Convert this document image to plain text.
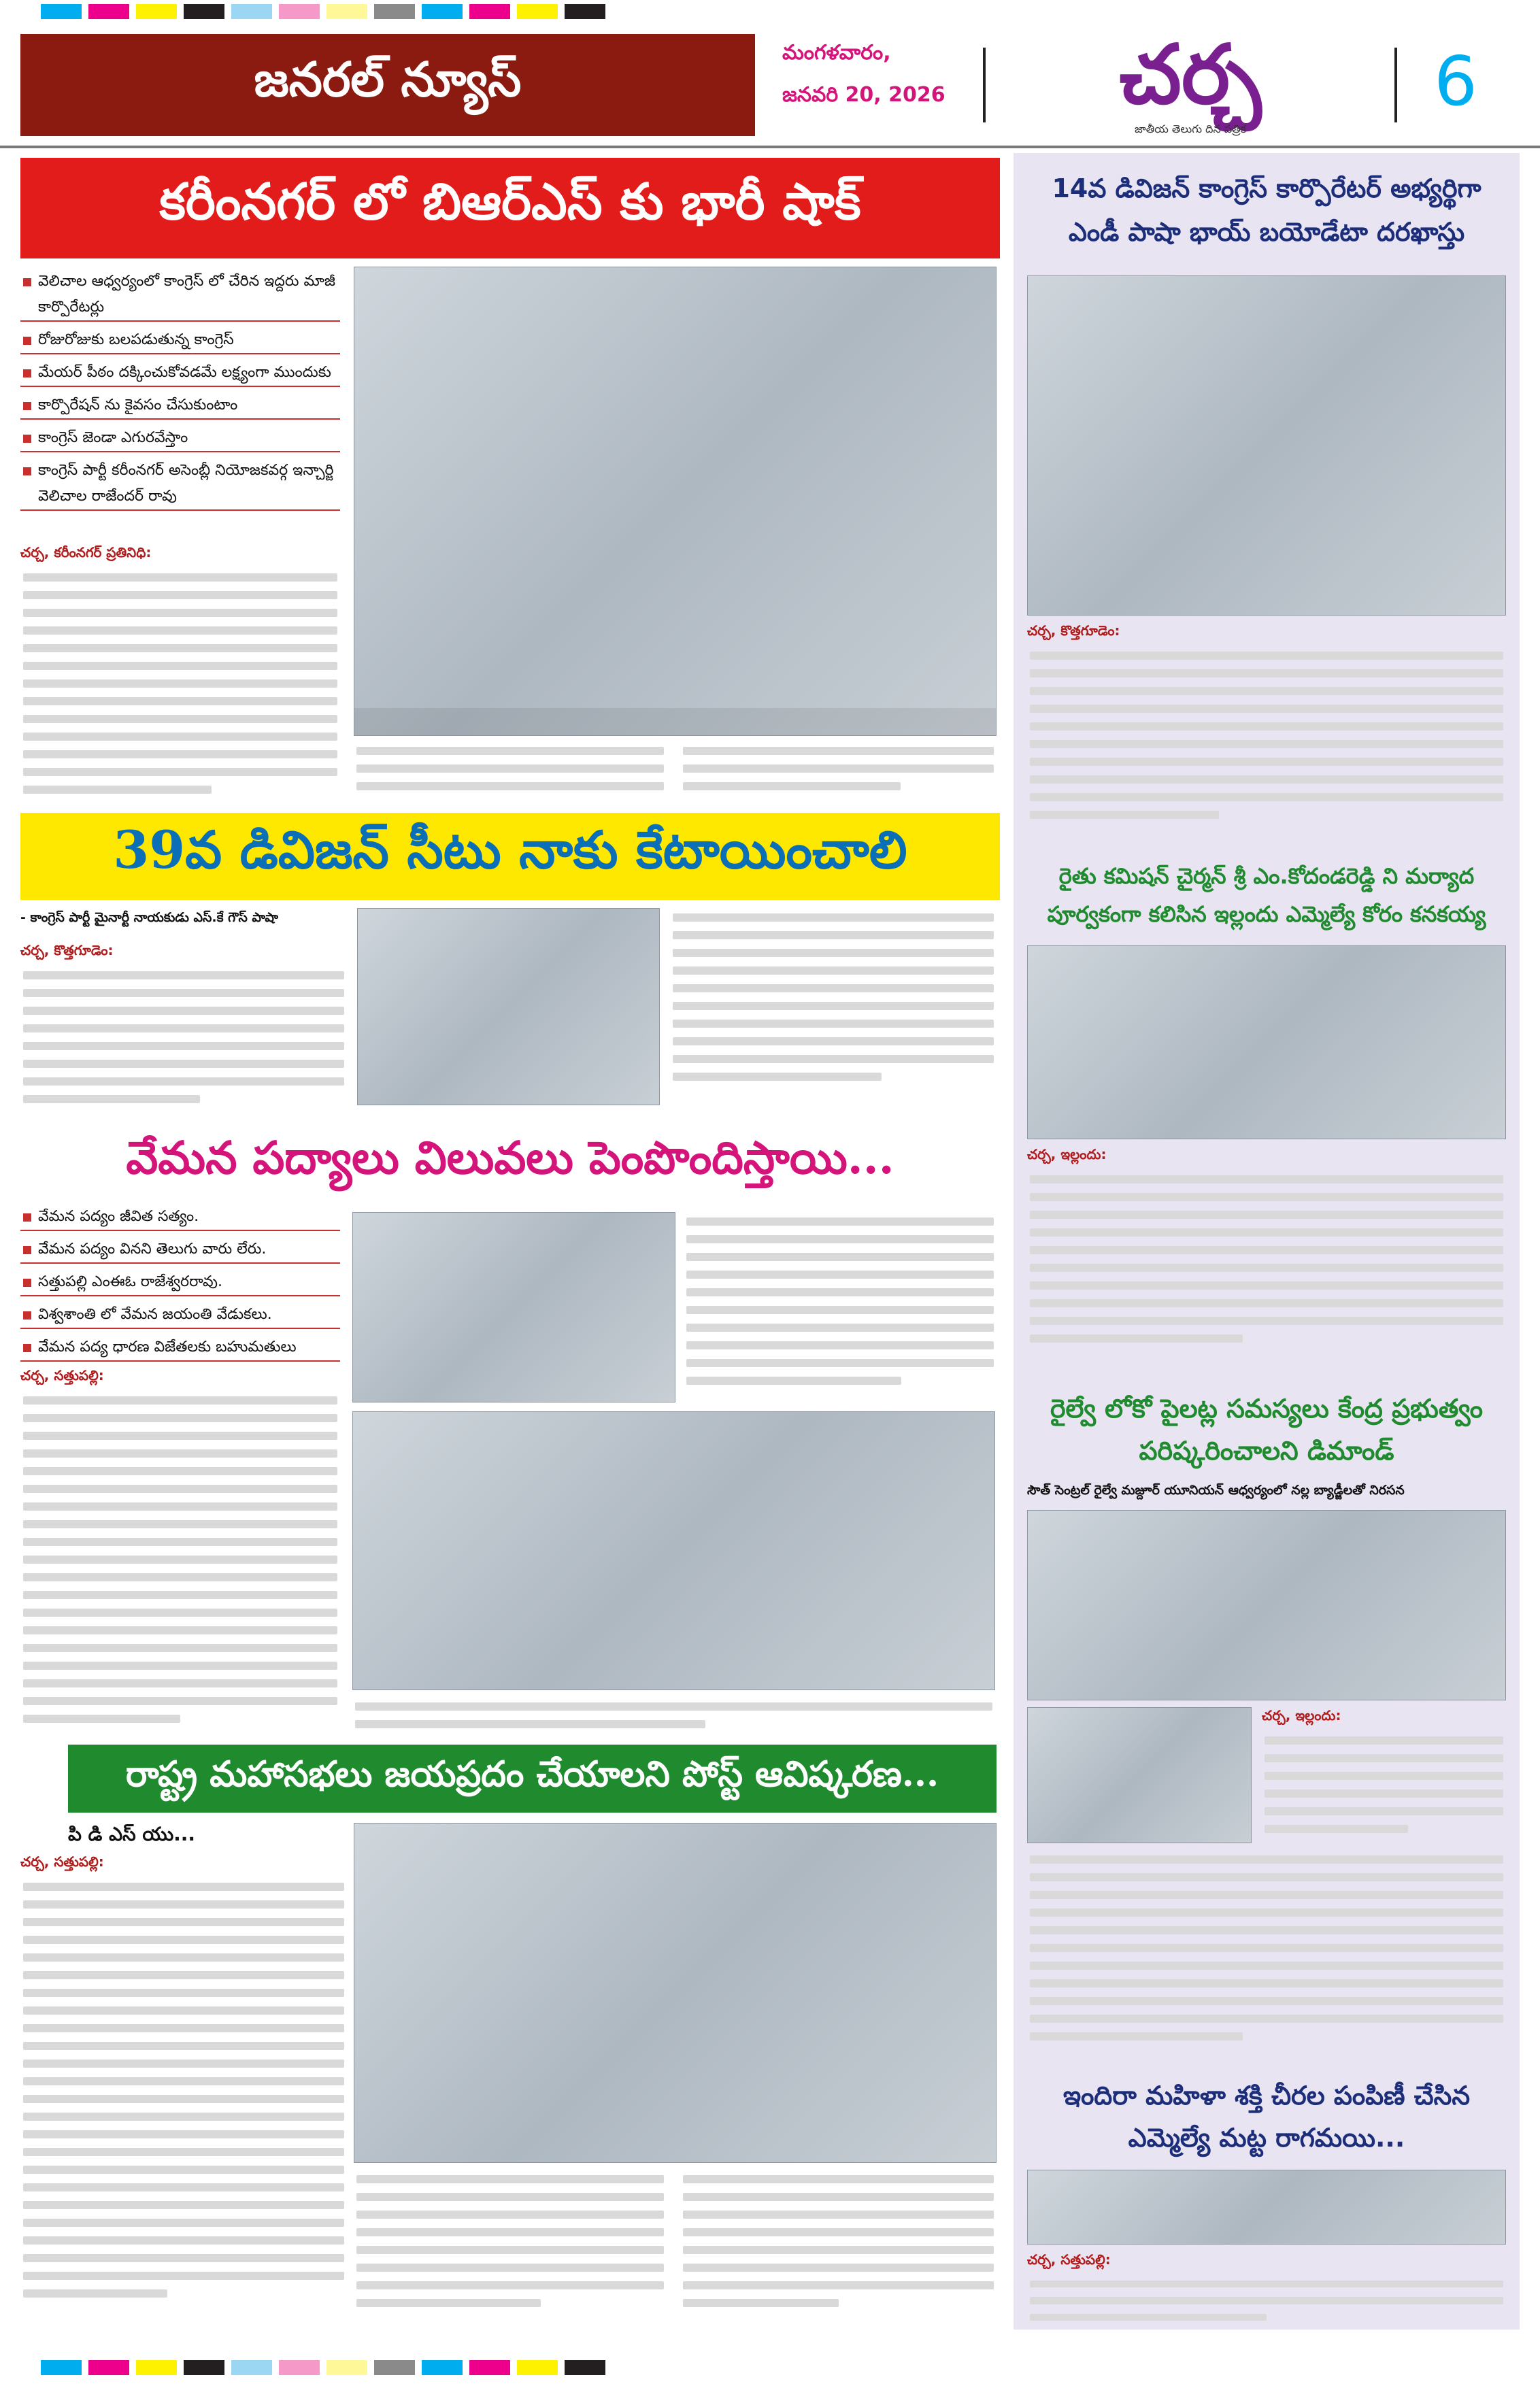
జనరల్ న్యూస్	మంగళవారం,
జనవరి 20, 2026	చర్చ
జాతీయ తెలుగు దిన పత్రిక
6
కరీంనగర్ లో బిఆర్ఎస్ కు భారీ షాక్
వెలిచాల ఆధ్వర్యంలో కాంగ్రెస్ లో చేరిన ఇద్దరు మాజీ కార్పొరేటర్లు
రోజురోజుకు బలపడుతున్న కాంగ్రెస్
మేయర్ పీఠం దక్కించుకోవడమే లక్ష్యంగా ముందుకు
కార్పొరేషన్ ను కైవసం చేసుకుంటాం
కాంగ్రెస్ జెండా ఎగురవేస్తాం
కాంగ్రెస్ పార్టీ కరీంనగర్ అసెంబ్లీ నియోజకవర్గ ఇన్చార్జి వెలిచాల రాజేందర్ రావు
చర్చ, కరీంనగర్ ప్రతినిధి:
39వ డివిజన్ సీటు నాకు కేటాయించాలి
- కాంగ్రెస్ పార్టీ మైనార్టీ నాయకుడు ఎస్.కే గౌస్ పాషా
చర్చ, కొత్తగూడెం:
వేమన పద్యాలు విలువలు పెంపొందిస్తాయి...
వేమన పద్యం జీవిత సత్యం.
వేమన పద్యం వినని తెలుగు వారు లేరు.
సత్తుపల్లి ఎంఈఓ రాజేశ్వరరావు.
విశ్వశాంతి లో వేమన జయంతి వేడుకలు.
వేమన పద్య ధారణ విజేతలకు బహుమతులు
చర్చ, సత్తుపల్లి:
రాష్ట్ర మహాసభలు జయప్రదం చేయాలని పోస్ట్ ఆవిష్కరణ...
పి డి ఎస్ యు...
చర్చ, సత్తుపల్లి:
14వ డివిజన్ కాంగ్రెస్ కార్పొరేటర్ అభ్యర్థిగా ఎండీ పాషా భాయ్ బయోడేటా దరఖాస్తు
చర్చ, కొత్తగూడెం:
రైతు కమిషన్ చైర్మన్ శ్రీ ఎం.కోదండరెడ్డి ని మర్యాద పూర్వకంగా కలిసిన ఇల్లందు ఎమ్మెల్యే కోరం కనకయ్య
చర్చ, ఇల్లందు:
రైల్వే లోకో పైలట్ల సమస్యలు కేంద్ర ప్రభుత్వం పరిష్కరించాలని డిమాండ్
సౌత్ సెంట్రల్ రైల్వే మజ్దూర్ యూనియన్ ఆధ్వర్యంలో నల్ల బ్యాడ్జీలతో నిరసన
చర్చ, ఇల్లందు:
ఇందిరా మహిళా శక్తి చీరల పంపిణీ చేసిన ఎమ్మెల్యే మట్ట రాగమయి...
చర్చ, సత్తుపల్లి:
